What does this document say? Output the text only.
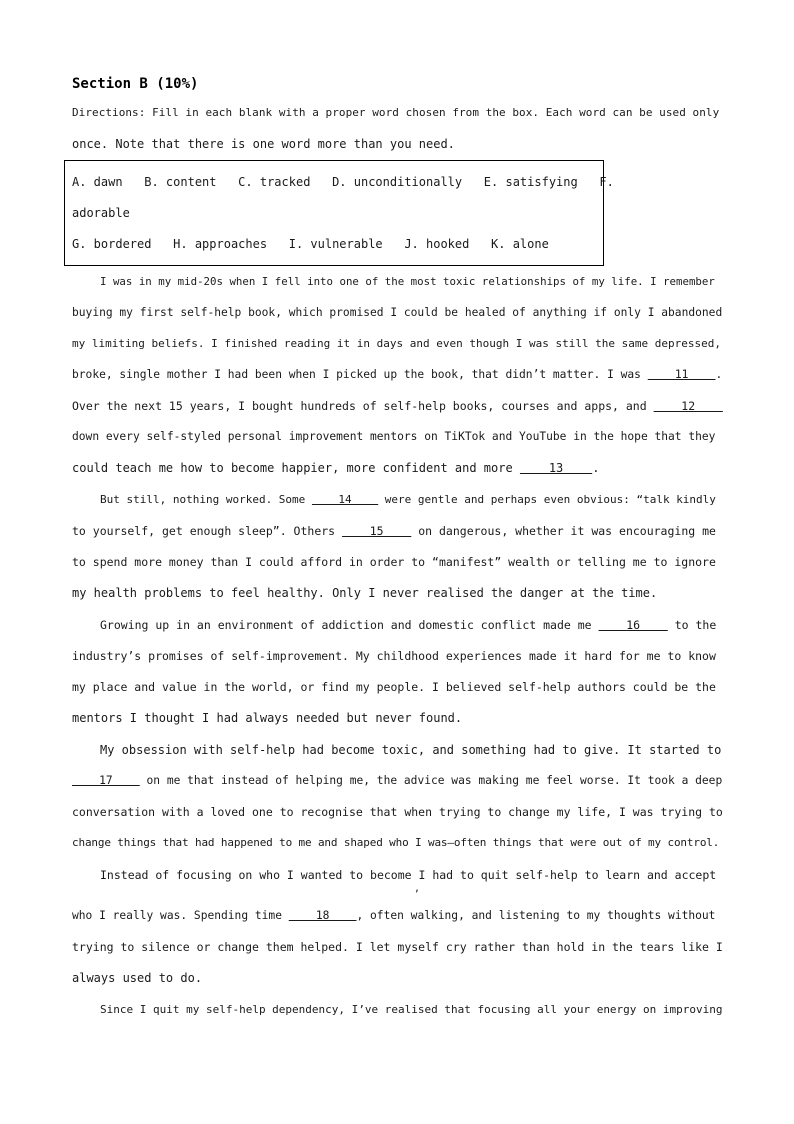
Section B (10%)
Directions: Fill in each blank with a proper word chosen from the box. Each word can be used only
once. Note that there is one word more than you need.
A. dawn   B. content   C. tracked   D. unconditionally   E. satisfying   F.
adorable
G. bordered   H. approaches   I. vulnerable   J. hooked   K. alone
I was in my mid-20s when I fell into one of the most toxic relationships of my life. I remember
buying my first self-help book, which promised I could be healed of anything if only I abandoned
my limiting beliefs. I finished reading it in days and even though I was still the same depressed,
broke, single mother I had been when I picked up the book, that didn’t matter. I was     11    .
Over the next 15 years, I bought hundreds of self-help books, courses and apps, and     12
down every self-styled personal improvement mentors on TiKTok and YouTube in the hope that they
could teach me how to become happier, more confident and more     13    .
But still, nothing worked. Some     14     were gentle and perhaps even obvious: “talk kindly
to yourself, get enough sleep”. Others     15     on dangerous, whether it was encouraging me
to spend more money than I could afford in order to “manifest” wealth or telling me to ignore
my health problems to feel healthy. Only I never realised the danger at the time.
Growing up in an environment of addiction and domestic conflict made me     16     to the
industry’s promises of self-improvement. My childhood experiences made it hard for me to know
my place and value in the world, or find my people. I believed self-help authors could be the
mentors I thought I had always needed but never found.
My obsession with self-help had become toxic, and something had to give. It started to
17     on me that instead of helping me, the advice was making me feel worse. It took a deep
conversation with a loved one to recognise that when trying to change my life, I was trying to
change things that had happened to me and shaped who I was—often things that were out of my control.
Instead of focusing on who I wanted to become I had to quit self-help to learn and accept
,
who I really was. Spending time     18    , often walking, and listening to my thoughts without
trying to silence or change them helped. I let myself cry rather than hold in the tears like I
always used to do.
Since I quit my self-help dependency, I’ve realised that focusing all your energy on improving
